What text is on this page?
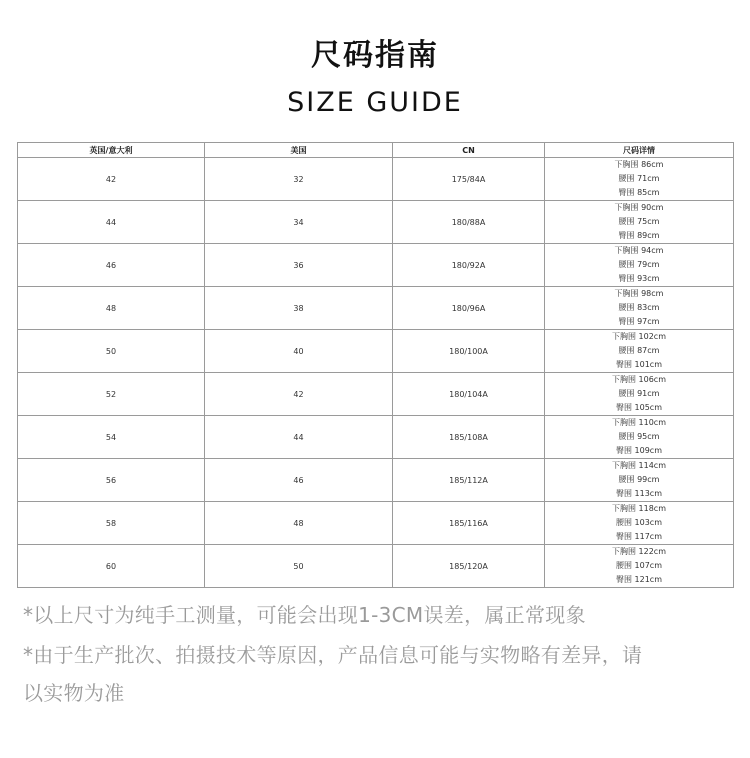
尺码指南
SIZE GUIDE
英国/意大利	美国	CN	尺码详情
42	32	175/84A	下胸围 86cm
腰围 71cm
臀围 85cm

44	34	180/88A	下胸围 90cm
腰围 75cm
臀围 89cm

46	36	180/92A	下胸围 94cm
腰围 79cm
臀围 93cm

48	38	180/96A	下胸围 98cm
腰围 83cm
臀围 97cm

50	40	180/100A	下胸围 102cm
腰围 87cm
臀围 101cm

52	42	180/104A	下胸围 106cm
腰围 91cm
臀围 105cm

54	44	185/108A	下胸围 110cm
腰围 95cm
臀围 109cm

56	46	185/112A	下胸围 114cm
腰围 99cm
臀围 113cm

58	48	185/116A	下胸围 118cm
腰围 103cm
臀围 117cm

60	50	185/120A	下胸围 122cm
腰围 107cm
臀围 121cm
*以上尺寸为纯手工测量，可能会出现1-3CM误差，属正常现象
*由于生产批次、拍摄技术等原因，产品信息可能与实物略有差异，请
以实物为准
